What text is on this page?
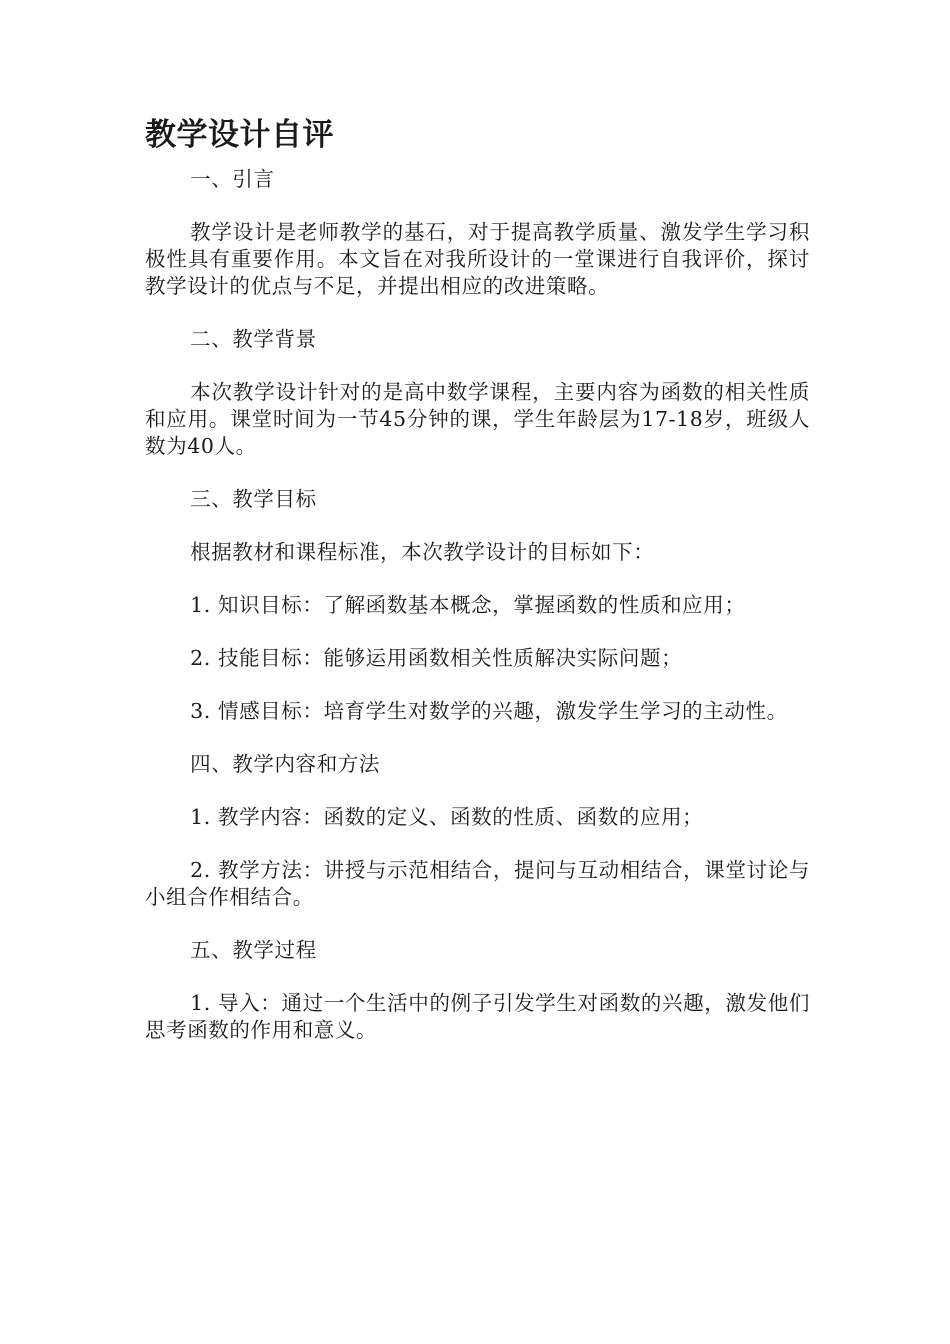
教学设计自评

一、引言

教学设计是老师教学的基石，对于提高教学质量、激发学生学习积极性具有重要作用。本文旨在对我所设计的一堂课进行自我评价，探讨教学设计的优点与不足，并提出相应的改进策略。

二、教学背景

本次教学设计针对的是高中数学课程，主要内容为函数的相关性质和应用。课堂时间为一节45分钟的课，学生年龄层为17-18岁，班级人数为40人。

三、教学目标

根据教材和课程标准，本次教学设计的目标如下：

1. 知识目标：了解函数基本概念，掌握函数的性质和应用；

2. 技能目标：能够运用函数相关性质解决实际问题；

3. 情感目标：培育学生对数学的兴趣，激发学生学习的主动性。

四、教学内容和方法

1. 教学内容：函数的定义、函数的性质、函数的应用；

2. 教学方法：讲授与示范相结合，提问与互动相结合，课堂讨论与小组合作相结合。

五、教学过程

1. 导入：通过一个生活中的例子引发学生对函数的兴趣，激发他们思考函数的作用和意义。
